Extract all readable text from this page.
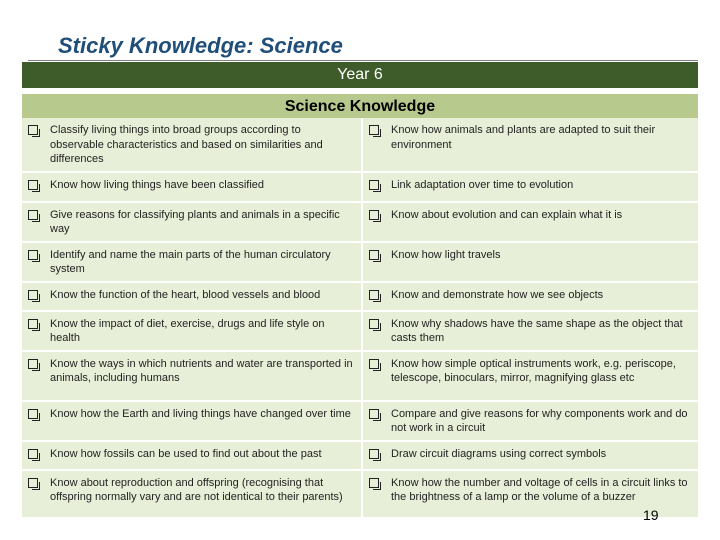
Sticky Knowledge: Science
Year 6
Science Knowledge
Classify living things into broad groups according to observable characteristics and based on similarities and differences	Know how animals and plants are adapted to suit their environment

Know how living things have been classified	Link adaptation over time to evolution

Give reasons for classifying plants and animals in a specific way	Know about evolution and can explain what it is

Identify and name the main parts of the human circulatory system	Know how light travels

Know the function of the heart, blood vessels and blood	Know and demonstrate how we see objects

Know the impact of diet, exercise, drugs and life style on health	Know why shadows have the same shape as the object that casts them

Know the ways in which nutrients and water are transported in animals, including humans	Know how simple optical instruments work, e.g. periscope, telescope, binoculars, mirror, magnifying glass etc

Know how the Earth and living things have changed over time	Compare and give reasons for why components work and do not work in a circuit

Know how fossils can be used to find out about the past	Draw circuit diagrams using correct symbols

Know about reproduction and offspring (recognising that offspring normally vary and are not identical to their parents)	Know how the number and voltage of cells in a circuit links to the brightness of a lamp or the volume of a buzzer
19
